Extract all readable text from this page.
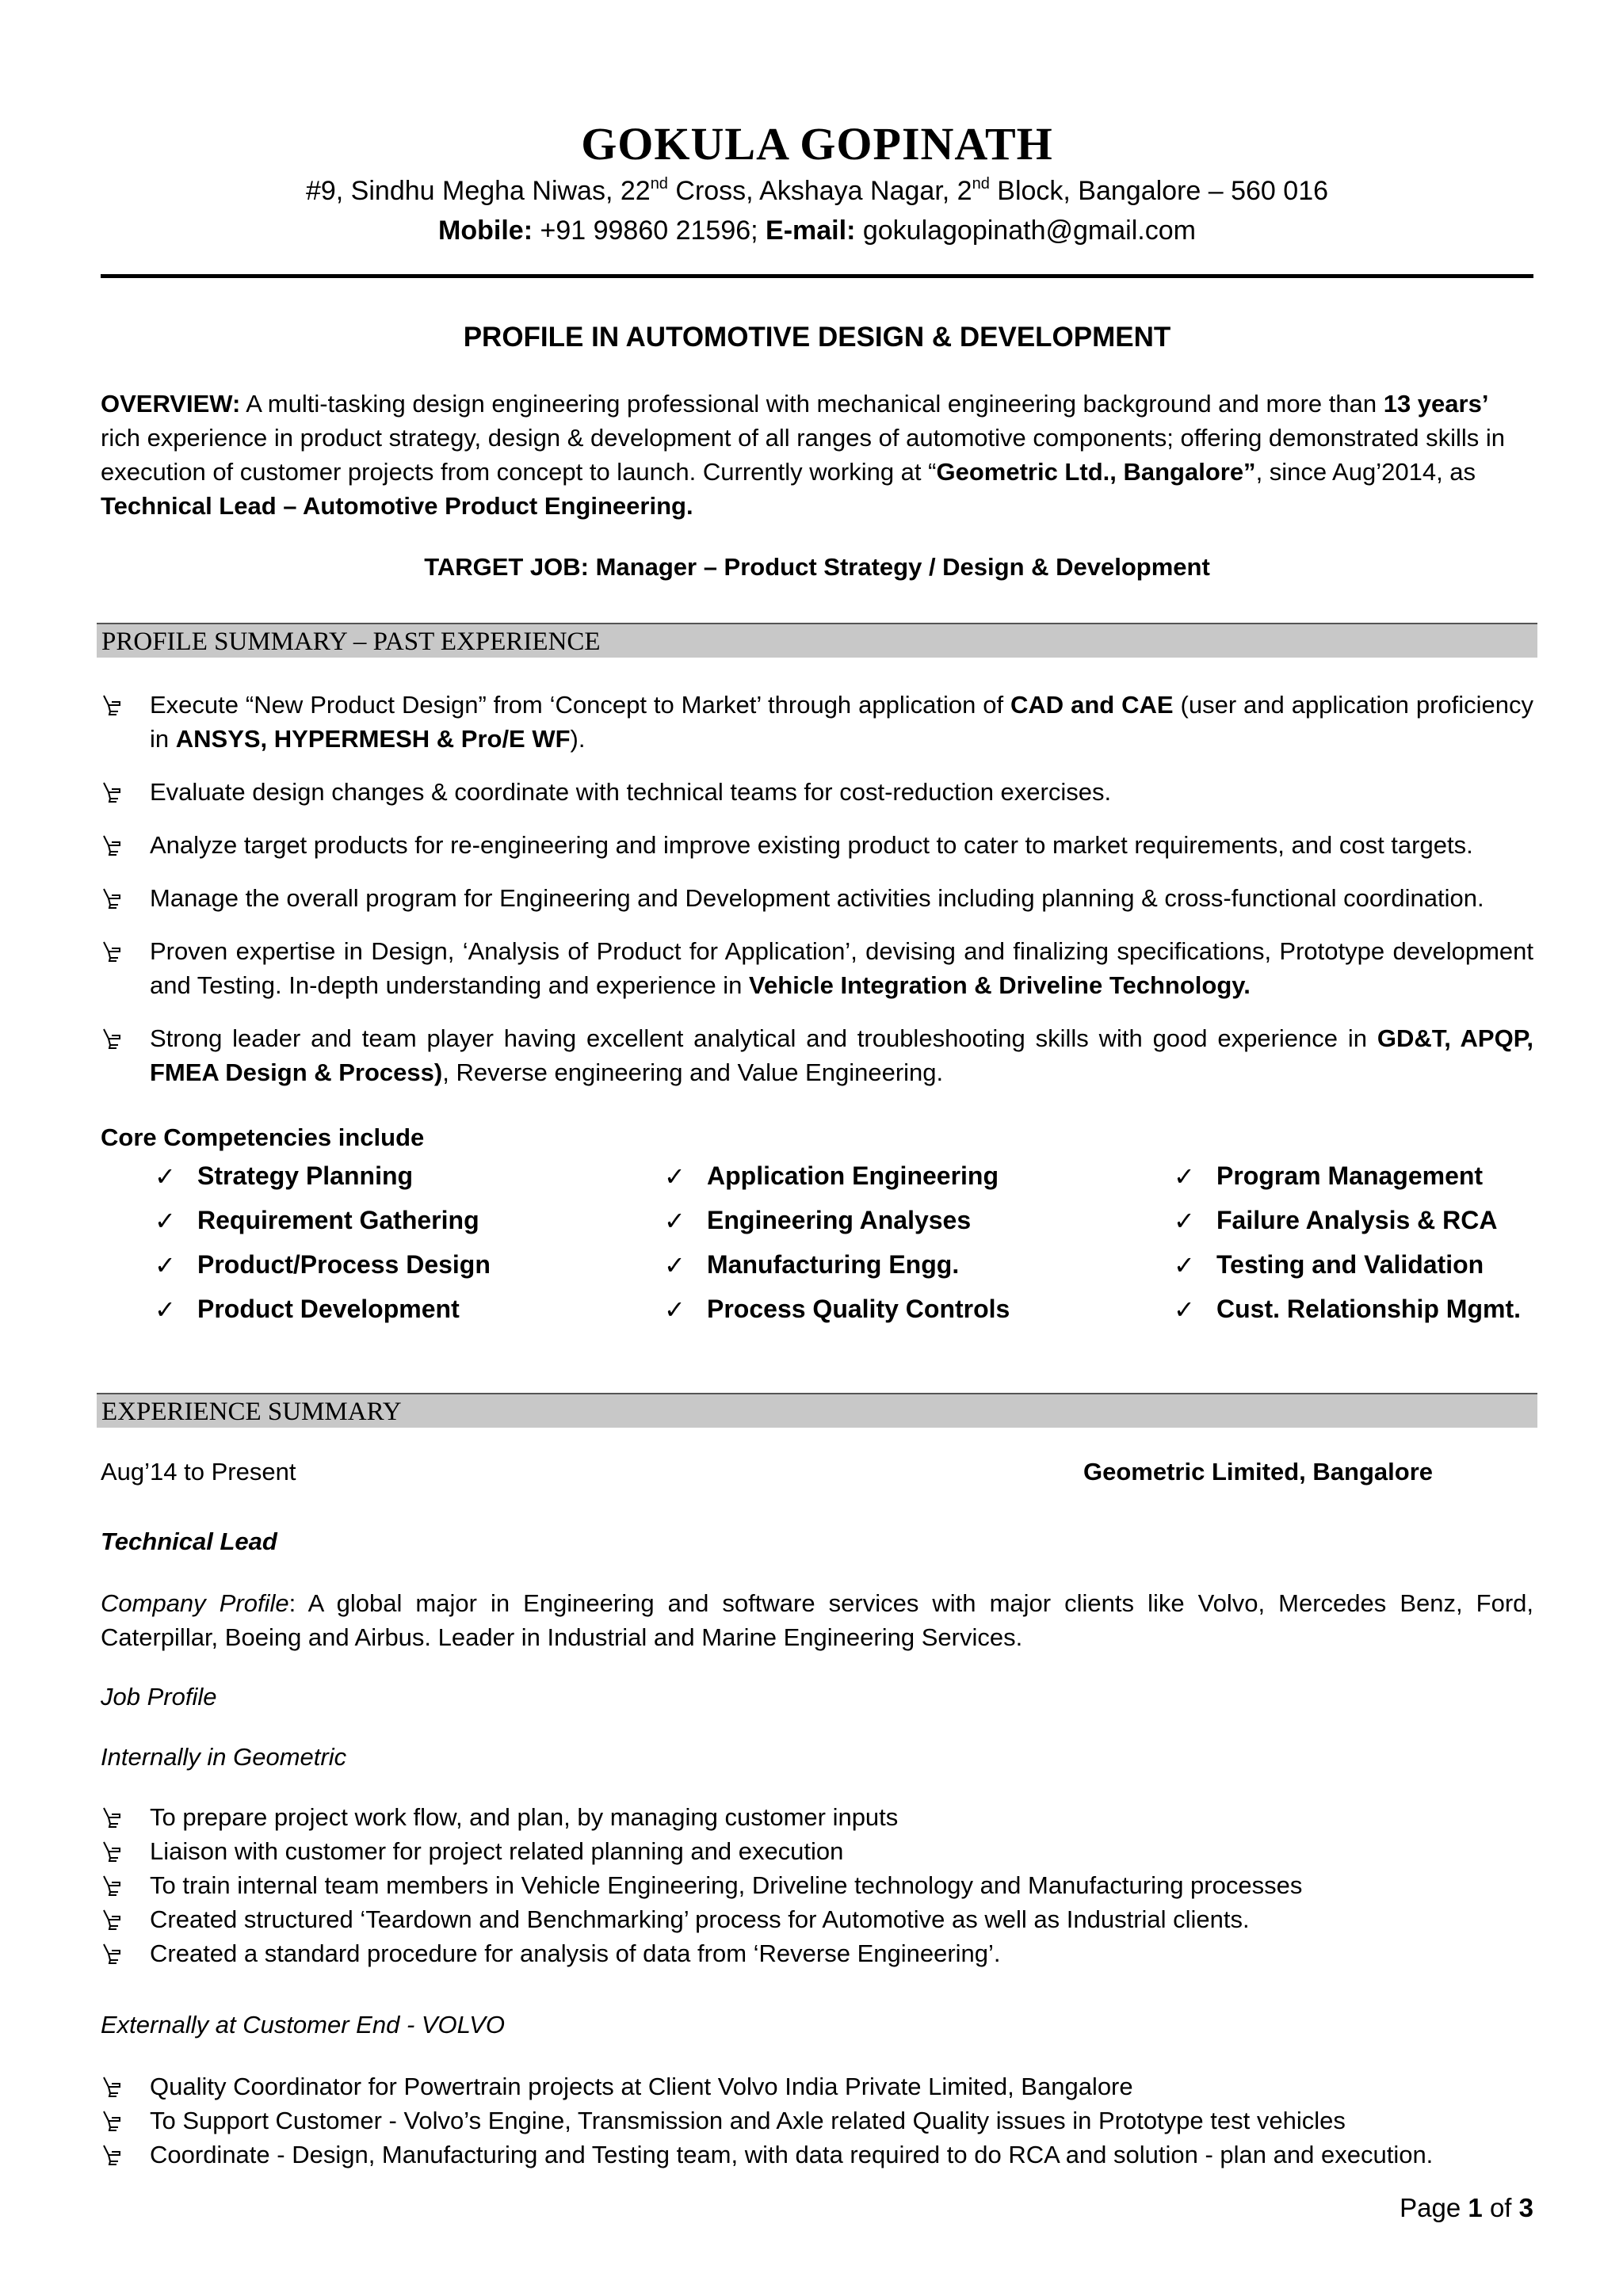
GOKULA GOPINATH
#9, Sindhu Megha Niwas, 22nd Cross, Akshaya Nagar, 2nd Block, Bangalore – 560 016
Mobile: +91 99860 21596; E-mail: gokulagopinath@gmail.com
PROFILE IN AUTOMOTIVE DESIGN & DEVELOPMENT
OVERVIEW: A multi-tasking design engineering professional with mechanical engineering background and more than 13 years’ rich experience in product strategy, design & development of all ranges of automotive components; offering demonstrated skills in execution of customer projects from concept to launch. Currently working at “Geometric Ltd., Bangalore”, since Aug’2014, as Technical Lead – Automotive Product Engineering.
TARGET JOB: Manager – Product Strategy / Design & Development
PROFILE SUMMARY – PAST EXPERIENCE
Execute “New Product Design” from ‘Concept to Market’ through application of CAD and CAE (user and application proficiency in ANSYS, HYPERMESH & Pro/E WF).
Evaluate design changes & coordinate with technical teams for cost-reduction exercises.
Analyze target products for re-engineering and improve existing product to cater to market requirements, and cost targets.
Manage the overall program for Engineering and Development activities including planning & cross-functional coordination.
Proven expertise in Design, ‘Analysis of Product for Application’, devising and finalizing specifications, Prototype development and Testing. In-depth understanding and experience in Vehicle Integration & Driveline Technology.
Strong leader and team player having excellent analytical and troubleshooting skills with good experience in GD&T, APQP, FMEA Design & Process), Reverse engineering and Value Engineering.
Core Competencies include
✓ Strategy Planning
✓ Requirement Gathering
✓ Product/Process Design
✓ Product Development
✓ Application Engineering
✓ Engineering Analyses
✓ Manufacturing Engg.
✓ Process Quality Controls
✓ Program Management
✓ Failure Analysis & RCA
✓ Testing and Validation
✓ Cust. Relationship Mgmt.
EXPERIENCE SUMMARY
Aug’14 to Present	Geometric Limited, Bangalore
Technical Lead
Company Profile: A global major in Engineering and software services with major clients like Volvo, Mercedes Benz, Ford, Caterpillar, Boeing and Airbus. Leader in Industrial and Marine Engineering Services.
Job Profile
Internally in Geometric
To prepare project work flow, and plan, by managing customer inputs
Liaison with customer for project related planning and execution
To train internal team members in Vehicle Engineering, Driveline technology and Manufacturing processes
Created structured ‘Teardown and Benchmarking’ process for Automotive as well as Industrial clients.
Created a standard procedure for analysis of data from ‘Reverse Engineering’.
Externally at Customer End - VOLVO
Quality Coordinator for Powertrain projects at Client Volvo India Private Limited, Bangalore
To Support Customer - Volvo’s Engine, Transmission and Axle related Quality issues in Prototype test vehicles
Coordinate - Design, Manufacturing and Testing team, with data required to do RCA and solution - plan and execution.
Page 1 of 3
